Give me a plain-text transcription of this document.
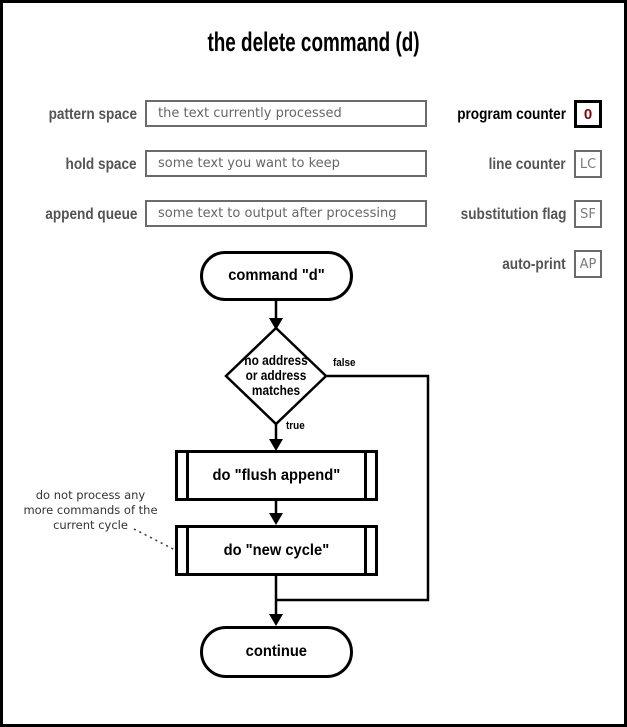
the delete command (d)
pattern space the text currently processed
hold space some text you want to keep
append queue some text to output after processing
program counter 0
line counter LC
substitution flag SF
auto-print AP
command "d"
no address
or address
matches
false
true
do "flush append"
do "new cycle"
continue
do not process any
more commands of the
current cycle
